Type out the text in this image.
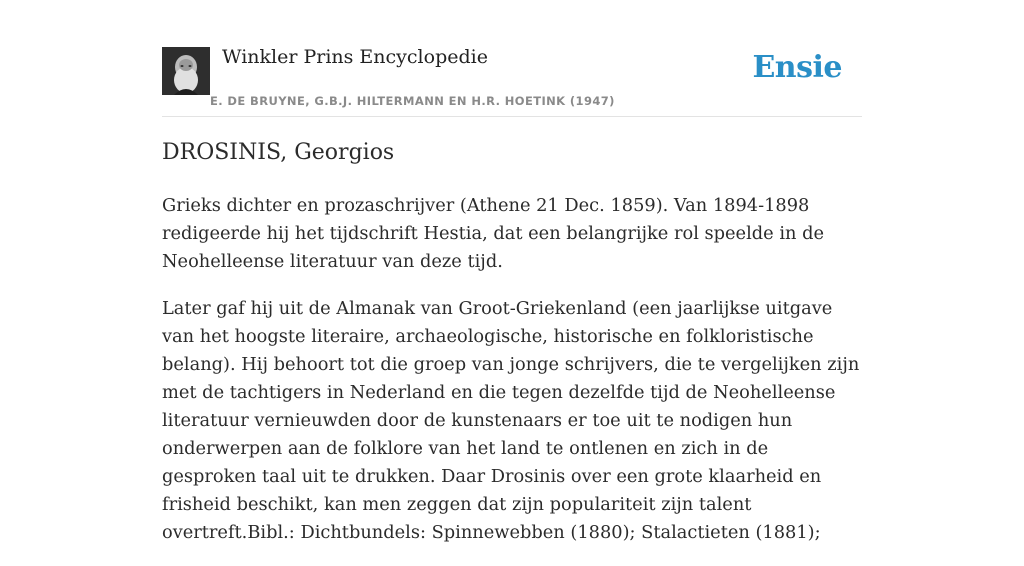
Winkler Prins Encyclopedie
E. DE BRUYNE, G.B.J. HILTERMANN EN H.R. HOETINK (1947)
Ensie
DROSINIS, Georgios

Grieks dichter en prozaschrijver (Athene 21 Dec. 1859). Van 1894-1898 redigeerde hij het tijdschrift Hestia, dat een belangrijke rol speelde in de Neohelleense literatuur van deze tijd.

Later gaf hij uit de Almanak van Groot-Griekenland (een jaarlijkse uitgave van het hoogste literaire, archaeologische, historische en folkloristische belang). Hij behoort tot die groep van jonge schrijvers, die te vergelijken zijn met de tachtigers in Nederland en die tegen dezelfde tijd de Neohelleense literatuur vernieuwden door de kunstenaars er toe uit te nodigen hun onderwerpen aan de folklore van het land te ontlenen en zich in de gesproken taal uit te drukken. Daar Drosinis over een grote klaarheid en frisheid beschikt, kan men zeggen dat zijn populariteit zijn talent overtreft.Bibl.: Dichtbundels: Spinnewebben (1880); Stalactieten (1881);
